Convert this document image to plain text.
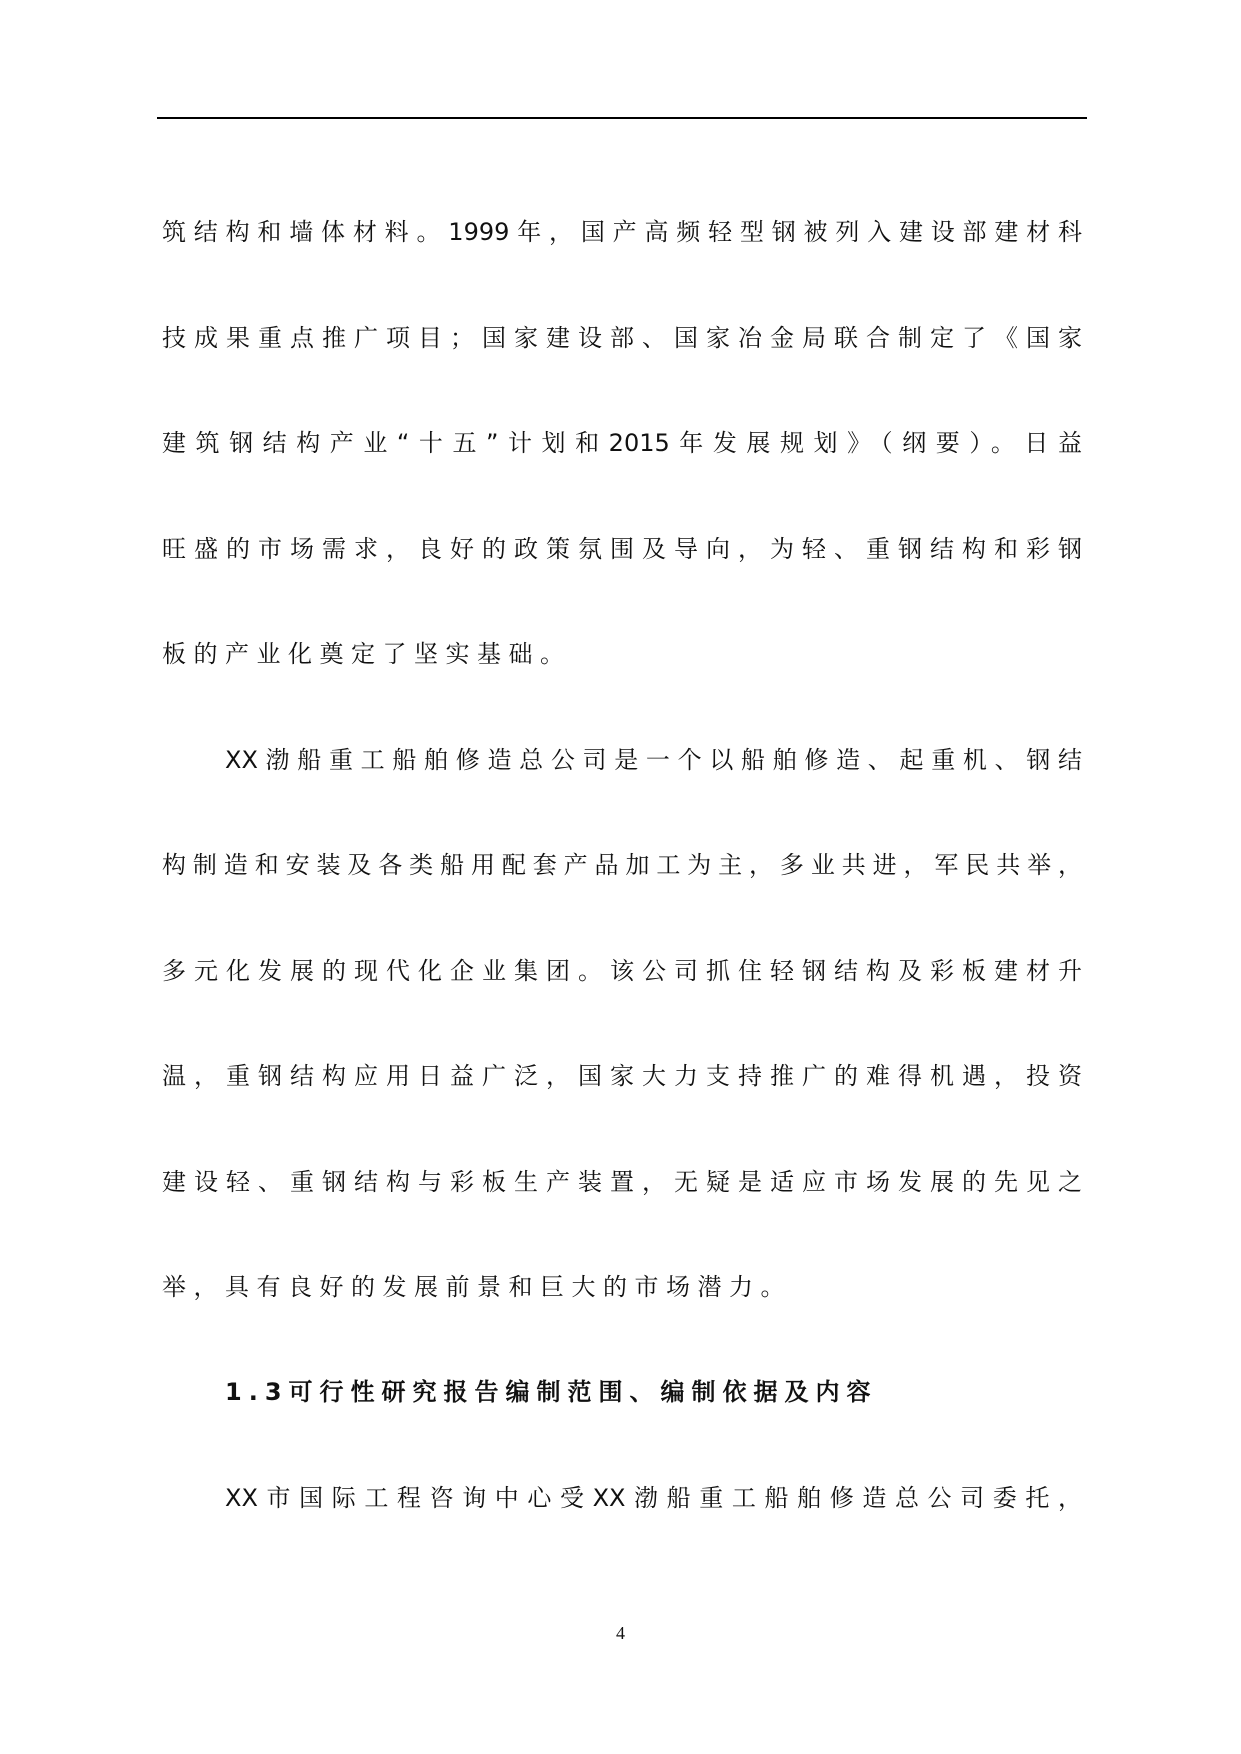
筑结构和墙体材料。1999年，国产高频轻型钢被列入建设部建材科
技成果重点推广项目；国家建设部、国家冶金局联合制定了《国家
建筑钢结构产业“十五”计划和2015年发展规划》（纲要）。日益
旺盛的市场需求，良好的政策氛围及导向，为轻、重钢结构和彩钢
板的产业化奠定了坚实基础。
XX渤船重工船舶修造总公司是一个以船舶修造、起重机、钢结
构制造和安装及各类船用配套产品加工为主，多业共进，军民共举，
多元化发展的现代化企业集团。该公司抓住轻钢结构及彩板建材升
温，重钢结构应用日益广泛，国家大力支持推广的难得机遇，投资
建设轻、重钢结构与彩板生产装置，无疑是适应市场发展的先见之
举，具有良好的发展前景和巨大的市场潜力。
1.3可行性研究报告编制范围、编制依据及内容
XX市国际工程咨询中心受XX渤船重工船舶修造总公司委托，
4
